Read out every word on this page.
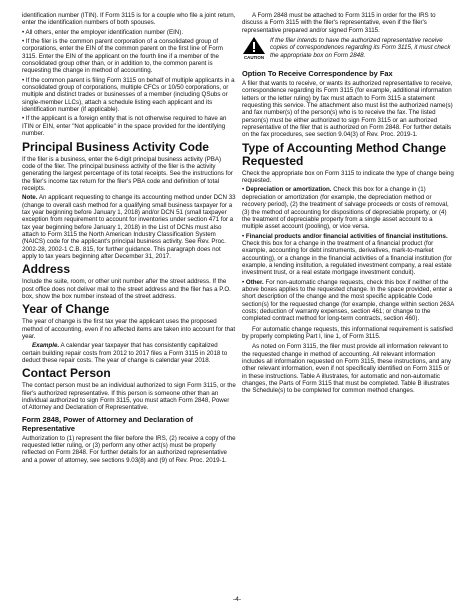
identification number (ITIN). If Form 3115 is for a couple who file a joint return, enter the identification numbers of both spouses.

• All others, enter the employer identification number (EIN).

• If the filer is the common parent corporation of a consolidated group of corporations, enter the EIN of the common parent on the first line of Form 3115. Enter the EIN of the applicant on the fourth line if a member of the consolidated group other than, or in addition to, the common parent is requesting the change in method of accounting.

• If the common parent is filing Form 3115 on behalf of multiple applicants in a consolidated group of corporations, multiple CFCs or 10/50 corporations, or multiple and distinct trades or businesses of a member (including QSubs or single-member LLCs), attach a schedule listing each applicant and its identification number (if applicable).

• If the applicant is a foreign entity that is not otherwise required to have an ITIN or EIN, enter "Not applicable" in the space provided for the identifying number.

Principal Business Activity Code

If the filer is a business, enter the 6-digit principal business activity (PBA) code of the filer. The principal business activity of the filer is the activity generating the largest percentage of its total receipts. See the instructions for the filer's income tax return for the filer's PBA code and definition of total receipts.

Note. An applicant requesting to change its accounting method under DCN 33 (change to overall cash method for a qualifying small business taxpayer for a tax year beginning before January 1, 2018) and/or DCN 51 (small taxpayer exception from requirement to account for inventories under section 471 for a tax year beginning before January 1, 2018) in the List of DCNs must also attach to Form 3115 the North American Industry Classification System (NAICS) code for the applicant's principal business activity. See Rev. Proc. 2002-28, 2002-1 C.B. 815, for further guidance. This paragraph does not apply to tax years beginning after December 31, 2017.

Address

Include the suite, room, or other unit number after the street address. If the post office does not deliver mail to the street address and the filer has a P.O. box, show the box number instead of the street address.

Year of Change

The year of change is the first tax year the applicant uses the proposed method of accounting, even if no affected items are taken into account for that year.

Example. A calendar year taxpayer that has consistently capitalized certain building repair costs from 2012 to 2017 files a Form 3115 in 2018 to deduct these repair costs. The year of change is calendar year 2018.

Contact Person

The contact person must be an individual authorized to sign Form 3115, or the filer's authorized representative. If this person is someone other than an individual authorized to sign Form 3115, you must attach Form 2848, Power of Attorney and Declaration of Representative.

Form 2848, Power of Attorney and Declaration of Representative

Authorization to (1) represent the filer before the IRS, (2) receive a copy of the requested letter ruling, or (3) perform any other act(s) must be properly reflected on Form 2848. For further details for an authorized representative and a power of attorney, see sections 9.03(8) and (9) of Rev. Proc. 2019-1.

A Form 2848 must be attached to Form 3115 in order for the IRS to discuss a Form 3115 with the filer's representative, even if the filer's representative prepared and/or signed Form 3115.

CAUTION
If the filer intends to have the authorized representative receive copies of correspondences regarding its Form 3115, it must check the appropriate box on Form 2848.
Option To Receive Correspondence by Fax

A filer that wants to receive, or wants its authorized representative to receive, correspondence regarding its Form 3115 (for example, additional information letters or the letter ruling) by fax must attach to Form 3115 a statement requesting this service. The attachment also must list the authorized name(s) and fax number(s) of the person(s) who is to receive the fax. The listed person(s) must be either authorized to sign Form 3115 or an authorized representative of the filer that is authorized on Form 2848. For further details on the fax procedures, see section 9.04(3) of Rev. Proc. 2019-1.

Type of Accounting Method Change Requested

Check the appropriate box on Form 3115 to indicate the type of change being requested.

• Depreciation or amortization. Check this box for a change in (1) depreciation or amortization (for example, the depreciation method or recovery period), (2) the treatment of salvage proceeds or costs of removal, (3) the method of accounting for dispositions of depreciable property, or (4) the treatment of depreciable property from a single asset account to a multiple asset account (pooling), or vice versa.

• Financial products and/or financial activities of financial institutions. Check this box for a change in the treatment of a financial product (for example, accounting for debt instruments, derivatives, mark-to-market accounting), or a change in the financial activities of a financial institution (for example, a lending institution, a regulated investment company, a real estate investment trust, or a real estate mortgage investment conduit).

• Other. For non-automatic change requests, check this box if neither of the above boxes applies to the requested change. In the space provided, enter a short description of the change and the most specific applicable Code section(s) for the requested change (for example, change within section 263A costs; deduction of warranty expenses, section 461; or change to the completed contract method for long-term contracts, section 460).

For automatic change requests, this informational requirement is satisfied by properly completing Part I, line 1, of Form 3115.

As noted on Form 3115, the filer must provide all information relevant to the requested change in method of accounting. All relevant information includes all information requested on Form 3115, these instructions, and any other relevant information, even if not specifically identified on Form 3115 or in these instructions. Table A illustrates, for automatic and non-automatic changes, the Parts of Form 3115 that must be completed. Table B illustrates the Schedule(s) to be completed for common method changes.

-4-
